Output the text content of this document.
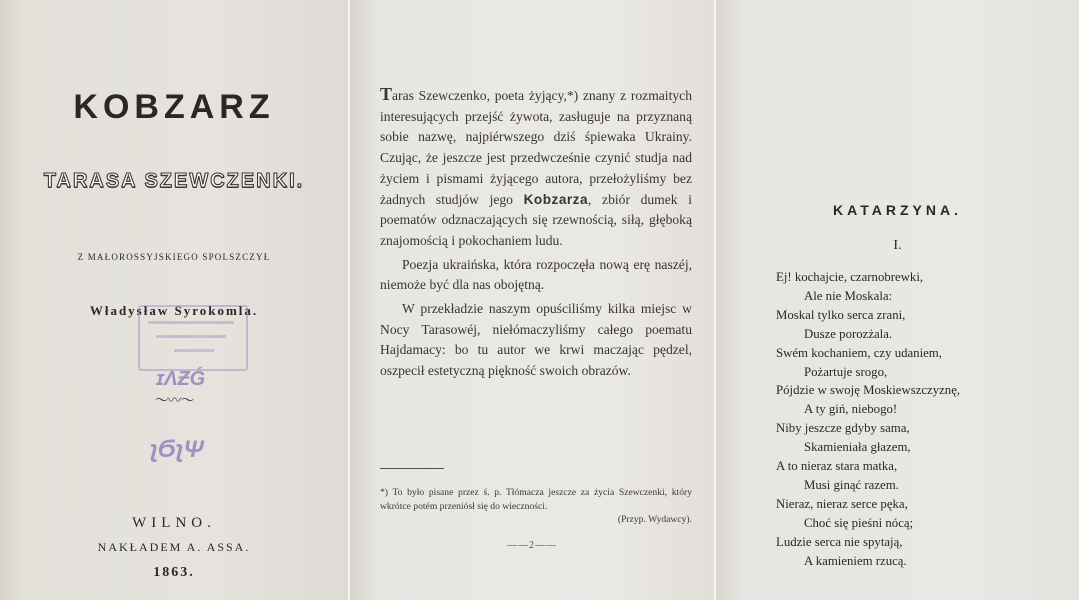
KOBZARZ
TARASA SZEWCZENKI.
Z MAŁOROSSYJSKIEGO SPOLSZCZYŁ
Władysław Syrokomla.
ɪΛƵǴ
〜〰〜
ʅϬʅΨ
WILNO.
NAKŁADEM A. ASSA.
1863.

Taras Szewczenko, poeta żyjący,*) znany z rozmaitych interesujących przejść żywota, zasługuje na przyznaną sobie nazwę, najpiérwszego dziś śpiewaka Ukrainy. Czując, że jeszcze jest przedwcześnie czynić studja nad życiem i pismami żyjącego autora, przełożyliśmy bez żadnych studjów jego Kobzarza, zbiór dumek i poematów odznaczających się rzewnością, siłą, głęboką znajomością i pokochaniem ludu.

Poezja ukraińska, która rozpoczęła nową erę naszéj, niemoże być dla nas obojętną.

W przekładzie naszym opuściliśmy kilka miejsc w Nocy Tarasowéj, niełómaczyliśmy całego poematu Hajdamacy: bo tu autor we krwi maczając pędzel, oszpecił estetyczną piękność swoich obrazów.

*) To było pisane przez ś. p. Tłómacza jeszcze za życia Szewczenki, który wkrótce potém przeniósł się do wieczności.
(Przyp. Wydawcy).
——2——
KATARZYNA.
I.
Ej! kochajcie, czarnobrewki,
Ale nie Moskala:
Moskal tylko serca zrani,
Dusze porozżala.
Swém kochaniem, czy udaniem,
Pożartuje srogo,
Pójdzie w swoję Moskiewszczyznę,
A ty giń, niebogo!
Niby jeszcze gdyby sama,
Skamieniała głazem,
A to nieraz stara matka,
Musi ginąć razem.
Nieraz, nieraz serce pęka,
Choć się pieśni nócą;
Ludzie serca nie spytają,
A kamieniem rzucą.
